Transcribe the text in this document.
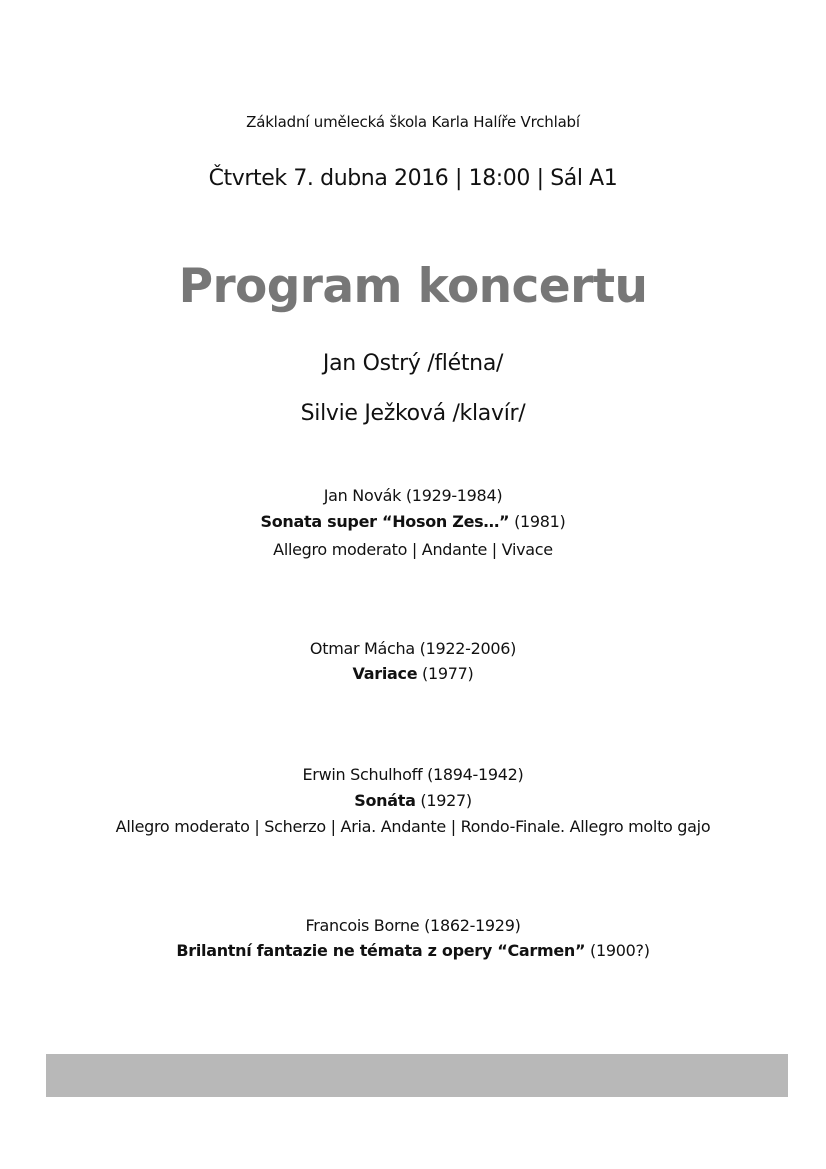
Základní umělecká škola Karla Halíře Vrchlabí
Čtvrtek 7. dubna 2016 | 18:00 | Sál A1
Program koncertu
Jan Ostrý /flétna/
Silvie Ježková /klavír/
Jan Novák (1929-1984)
Sonata super “Hoson Zes…” (1981)
Allegro moderato | Andante | Vivace
Otmar Mácha (1922-2006)
Variace (1977)
Erwin Schulhoff (1894-1942)
Sonáta (1927)
Allegro moderato | Scherzo | Aria. Andante | Rondo-Finale. Allegro molto gajo
Francois Borne (1862-1929)
Brilantní fantazie ne témata z opery “Carmen” (1900?)
